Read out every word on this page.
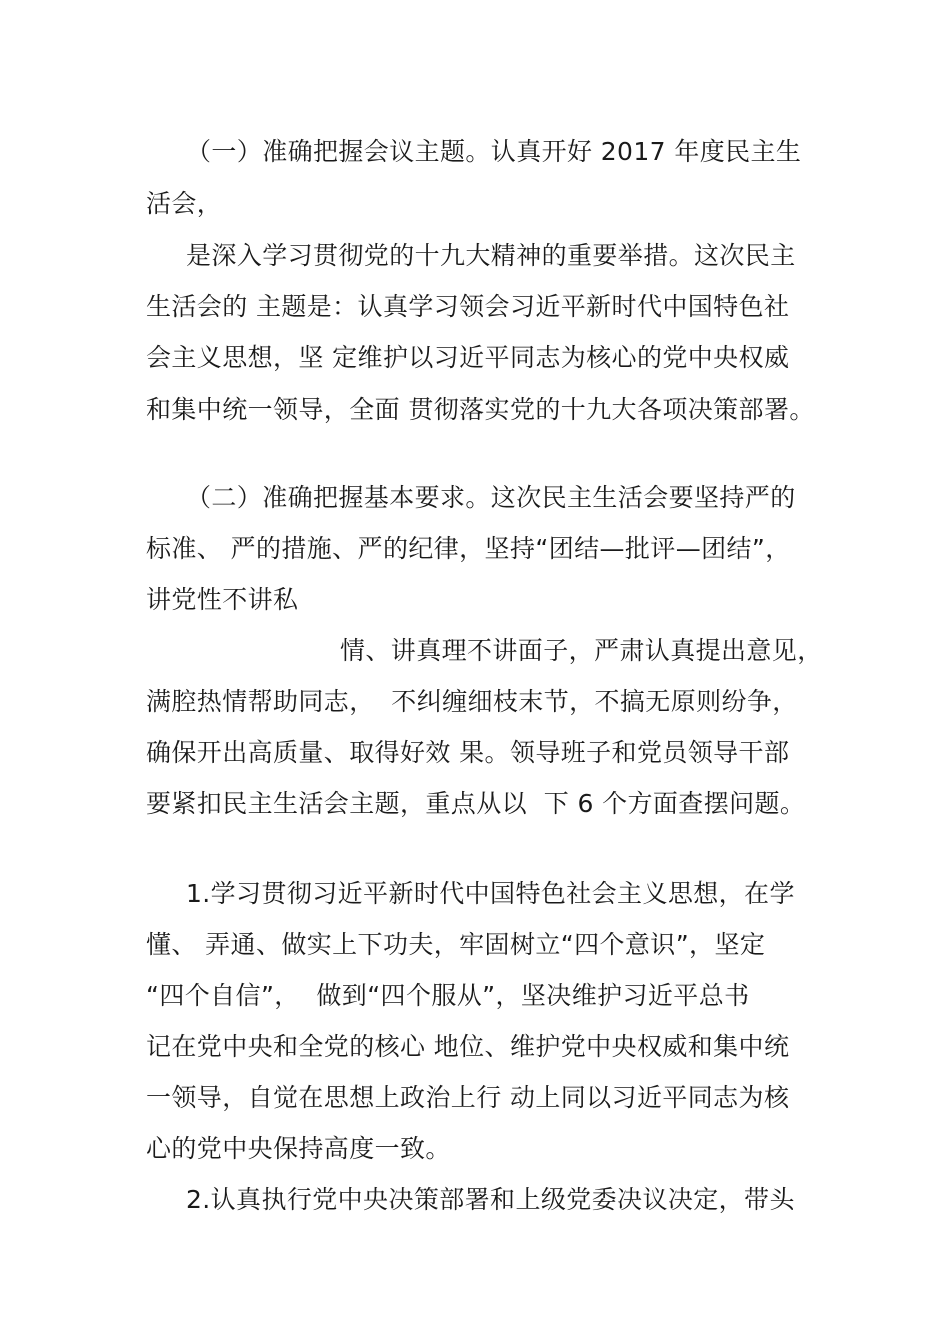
（一）准确把握会议主题。认真开好 2017 年度民主生
活会，
是深入学习贯彻党的十九大精神的重要举措。这次民主
生活会的 主题是：认真学习领会习近平新时代中国特色社
会主义思想，坚 定维护以习近平同志为核心的党中央权威
和集中统一领导，全面 贯彻落实党的十九大各项决策部署。
（二）准确把握基本要求。这次民主生活会要坚持严的
标准、 严的措施、严的纪律，坚持“团结—批评—团结”，
讲党性不讲私
情、讲真理不讲面子，严肃认真提出意见，
满腔热情帮助同志，  不纠缠细枝末节，不搞无原则纷争，
确保开出高质量、取得好效 果。领导班子和党员领导干部
要紧扣民主生活会主题，重点从以  下 6 个方面查摆问题。
1.学习贯彻习近平新时代中国特色社会主义思想，在学
懂、 弄通、做实上下功夫，牢固树立“四个意识”，坚定
“四个自信”，  做到“四个服从”，坚决维护习近平总书
记在党中央和全党的核心 地位、维护党中央权威和集中统
一领导，自觉在思想上政治上行 动上同以习近平同志为核
心的党中央保持高度一致。
2.认真执行党中央决策部署和上级党委决议决定，带头
